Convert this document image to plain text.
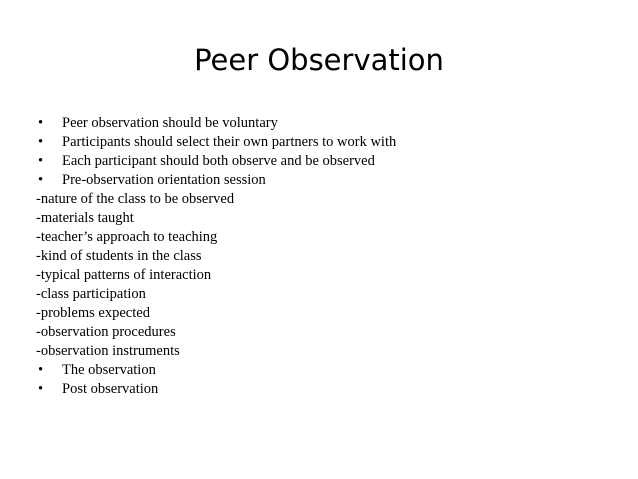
Peer Observation
• Peer observation should be voluntary
• Participants should select their own partners to work with
• Each participant should both observe and be observed
• Pre-observation orientation session
-nature of the class to be observed
-materials taught
-teacher’s approach to teaching
-kind of students in the class
-typical patterns of interaction
-class participation
-problems expected
-observation procedures
-observation instruments
• The observation
• Post observation
